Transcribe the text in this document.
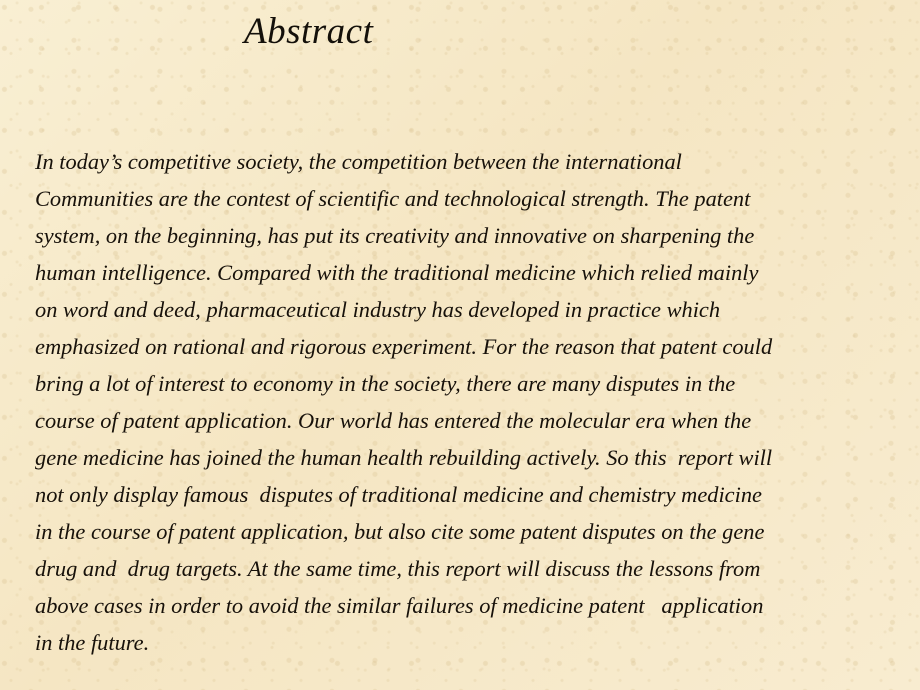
Abstract
In today’s competitive society, the competition between the international
Communities are the contest of scientific and technological strength. The patent
system, on the beginning, has put its creativity and innovative on sharpening the
human intelligence. Compared with the traditional medicine which relied mainly
on word and deed, pharmaceutical industry has developed in practice which
emphasized on rational and rigorous experiment. For the reason that patent could
bring a lot of interest to economy in the society, there are many disputes in the
course of patent application. Our world has entered the molecular era when the
gene medicine has joined the human health rebuilding actively. So this  report will
not only display famous  disputes of traditional medicine and chemistry medicine
in the course of patent application, but also cite some patent disputes on the gene
drug and  drug targets. At the same time, this report will discuss the lessons from
above cases in order to avoid the similar failures of medicine patent   application
in the future.
